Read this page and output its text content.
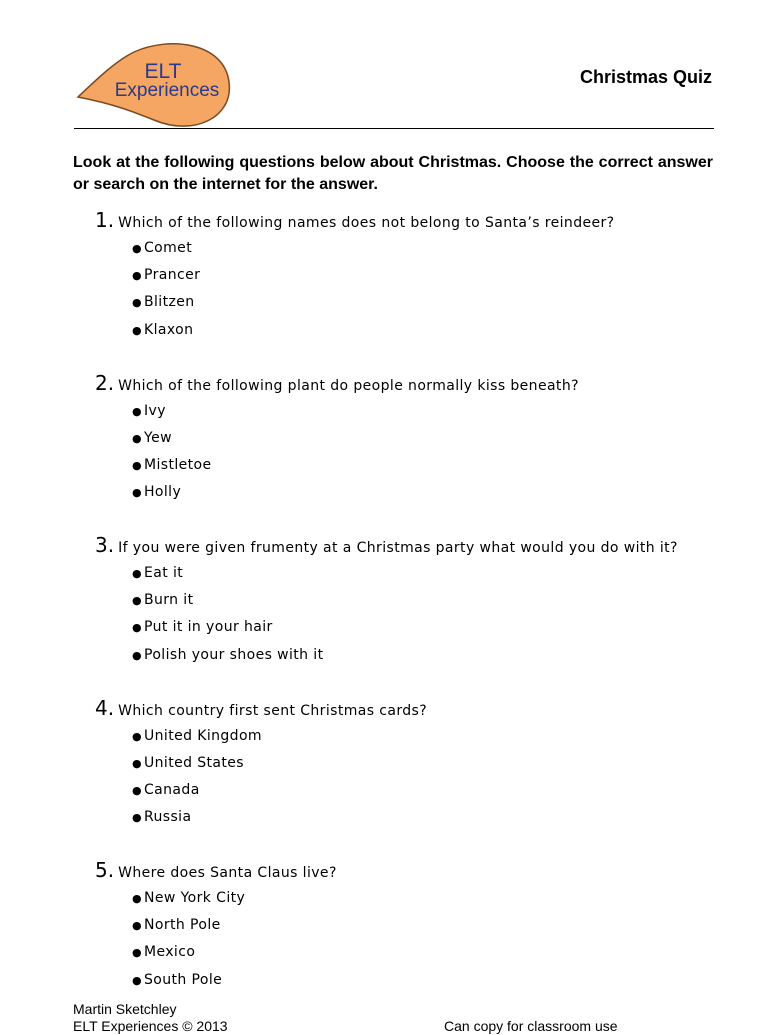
ELT
Experiences
Christmas Quiz

Look at the following questions below about Christmas. Choose the correct answer or search on the internet for the answer.

1. Which of the following names does not belong to Santa’s reindeer?
● Comet
● Prancer
● Blitzen
● Klaxon
2. Which of the following plant do people normally kiss beneath?
● Ivy
● Yew
● Mistletoe
● Holly
3. If you were given frumenty at a Christmas party what would you do with it?
● Eat it
● Burn it
● Put it in your hair
● Polish your shoes with it
4. Which country first sent Christmas cards?
● United Kingdom
● United States
● Canada
● Russia
5. Where does Santa Claus live?
● New York City
● North Pole
● Mexico
● South Pole
Martin Sketchley
ELT Experiences © 2013	Can copy for classroom use
